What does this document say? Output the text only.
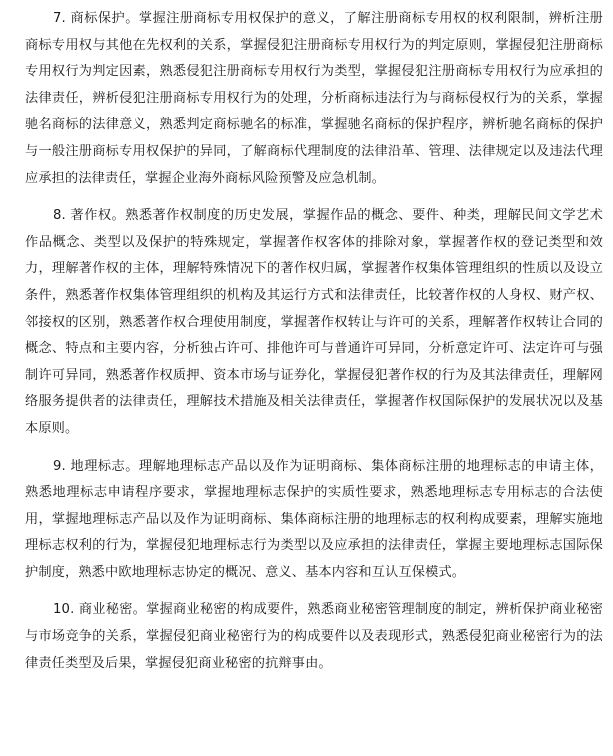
7. 商标保护。掌握注册商标专用权保护的意义，了解注册商标专用权的权利限制，辨析注册商标专用权与其他在先权利的关系，掌握侵犯注册商标专用权行为的判定原则，掌握侵犯注册商标专用权行为判定因素，熟悉侵犯注册商标专用权行为类型，掌握侵犯注册商标专用权行为应承担的法律责任，辨析侵犯注册商标专用权行为的处理，分析商标违法行为与商标侵权行为的关系，掌握驰名商标的法律意义，熟悉判定商标驰名的标准，掌握驰名商标的保护程序，辨析驰名商标的保护与一般注册商标专用权保护的异同，了解商标代理制度的法律沿革、管理、法律规定以及违法代理应承担的法律责任，掌握企业海外商标风险预警及应急机制。

8. 著作权。熟悉著作权制度的历史发展，掌握作品的概念、要件、种类，理解民间文学艺术作品概念、类型以及保护的特殊规定，掌握著作权客体的排除对象，掌握著作权的登记类型和效力，理解著作权的主体，理解特殊情况下的著作权归属，掌握著作权集体管理组织的性质以及设立条件，熟悉著作权集体管理组织的机构及其运行方式和法律责任，比较著作权的人身权、财产权、邻接权的区别，熟悉著作权合理使用制度，掌握著作权转让与许可的关系，理解著作权转让合同的概念、特点和主要内容，分析独占许可、排他许可与普通许可异同，分析意定许可、法定许可与强制许可异同，熟悉著作权质押、资本市场与证券化，掌握侵犯著作权的行为及其法律责任，理解网络服务提供者的法律责任，理解技术措施及相关法律责任，掌握著作权国际保护的发展状况以及基本原则。

9. 地理标志。理解地理标志产品以及作为证明商标、集体商标注册的地理标志的申请主体，熟悉地理标志申请程序要求，掌握地理标志保护的实质性要求，熟悉地理标志专用标志的合法使用，掌握地理标志产品以及作为证明商标、集体商标注册的地理标志的权利构成要素，理解实施地理标志权利的行为，掌握侵犯地理标志行为类型以及应承担的法律责任，掌握主要地理标志国际保护制度，熟悉中欧地理标志协定的概况、意义、基本内容和互认互保模式。

10. 商业秘密。掌握商业秘密的构成要件，熟悉商业秘密管理制度的制定，辨析保护商业秘密与市场竞争的关系，掌握侵犯商业秘密行为的构成要件以及表现形式，熟悉侵犯商业秘密行为的法律责任类型及后果，掌握侵犯商业秘密的抗辩事由。
